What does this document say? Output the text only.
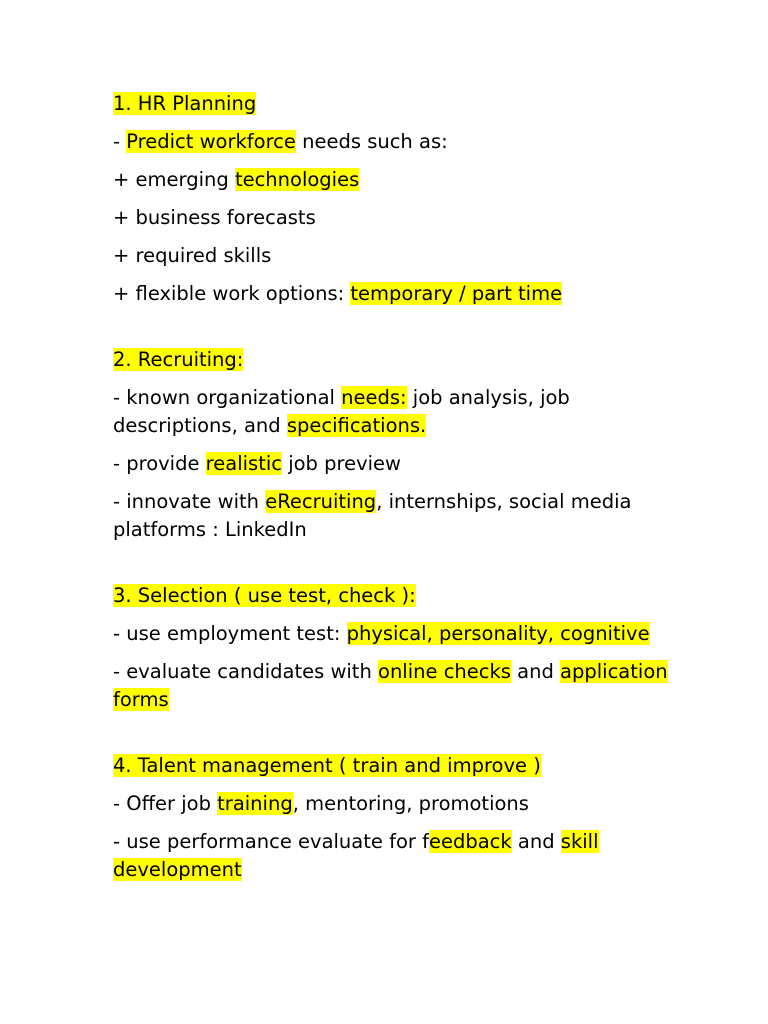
1. HR Planning

- Predict workforce needs such as:

+ emerging technologies

+ business forecasts

+ required skills

+ flexible work options: temporary / part time

2. Recruiting:

- known organizational needs: job analysis, job descriptions, and specifications.

- provide realistic job preview

- innovate with eRecruiting, internships, social media platforms : LinkedIn

3. Selection ( use test, check ):

- use employment test: physical, personality, cognitive

- evaluate candidates with online checks and application forms

4. Talent management ( train and improve )

- Offer job training, mentoring, promotions

- use performance evaluate for feedback and skill development
